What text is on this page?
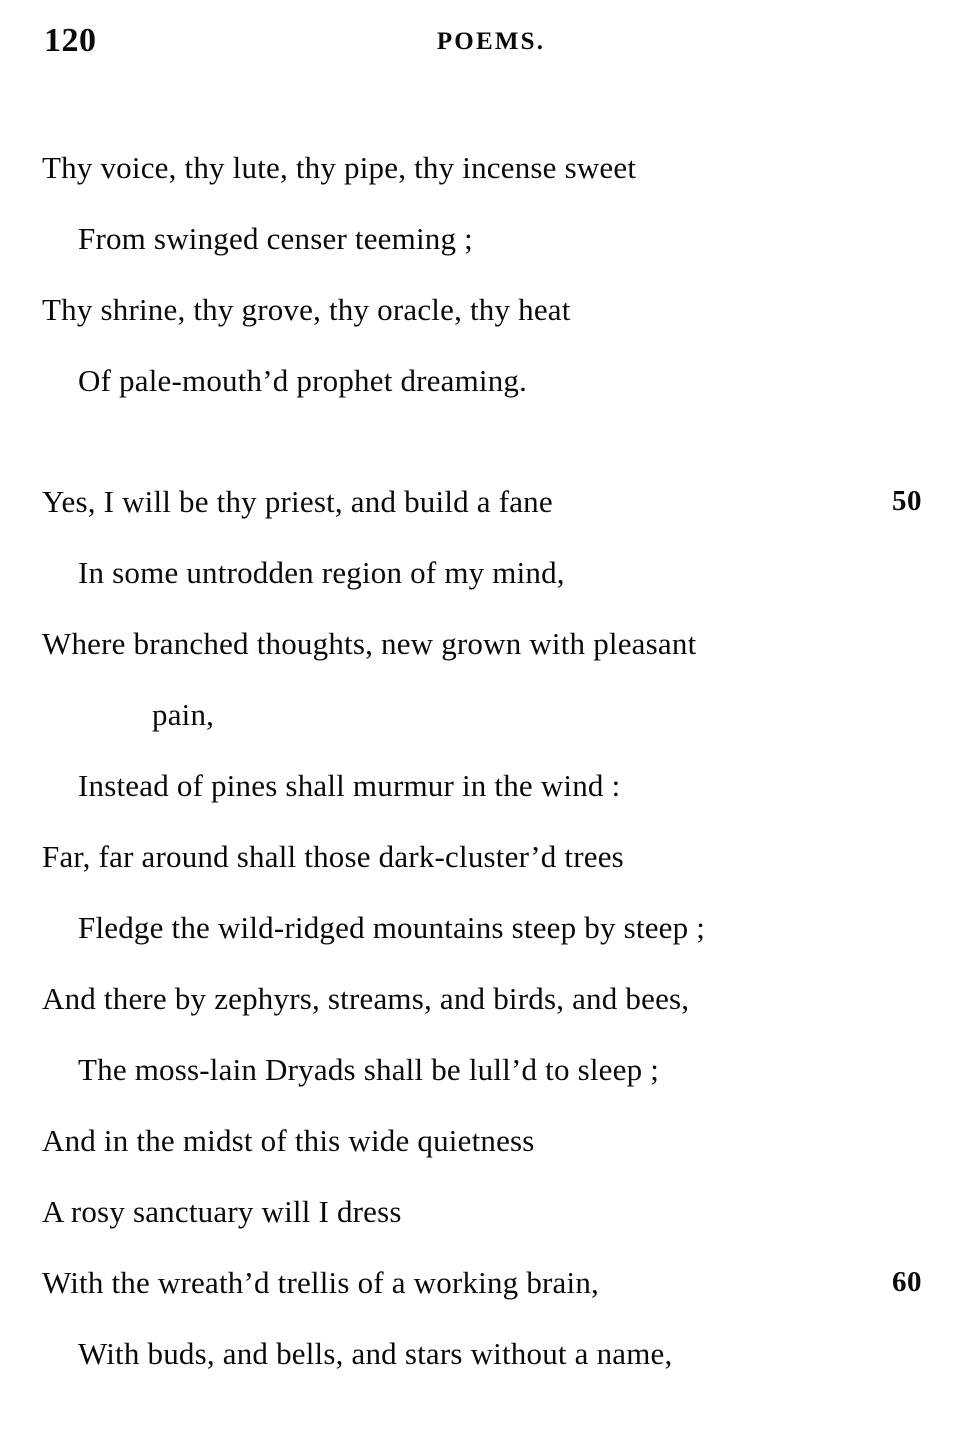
120	POEMS.
Thy voice, thy lute, thy pipe, thy incense sweet
From swinged censer teeming ;
Thy shrine, thy grove, thy oracle, thy heat
Of pale-mouth’d prophet dreaming.
Yes, I will be thy priest, and build a fane	50
In some untrodden region of my mind,
Where branched thoughts, new grown with pleasant
pain,
Instead of pines shall murmur in the wind :
Far, far around shall those dark-cluster’d trees
Fledge the wild-ridged mountains steep by steep ;
And there by zephyrs, streams, and birds, and bees,
The moss-lain Dryads shall be lull’d to sleep ;
And in the midst of this wide quietness
A rosy sanctuary will I dress
With the wreath’d trellis of a working brain,	60
With buds, and bells, and stars without a name,
